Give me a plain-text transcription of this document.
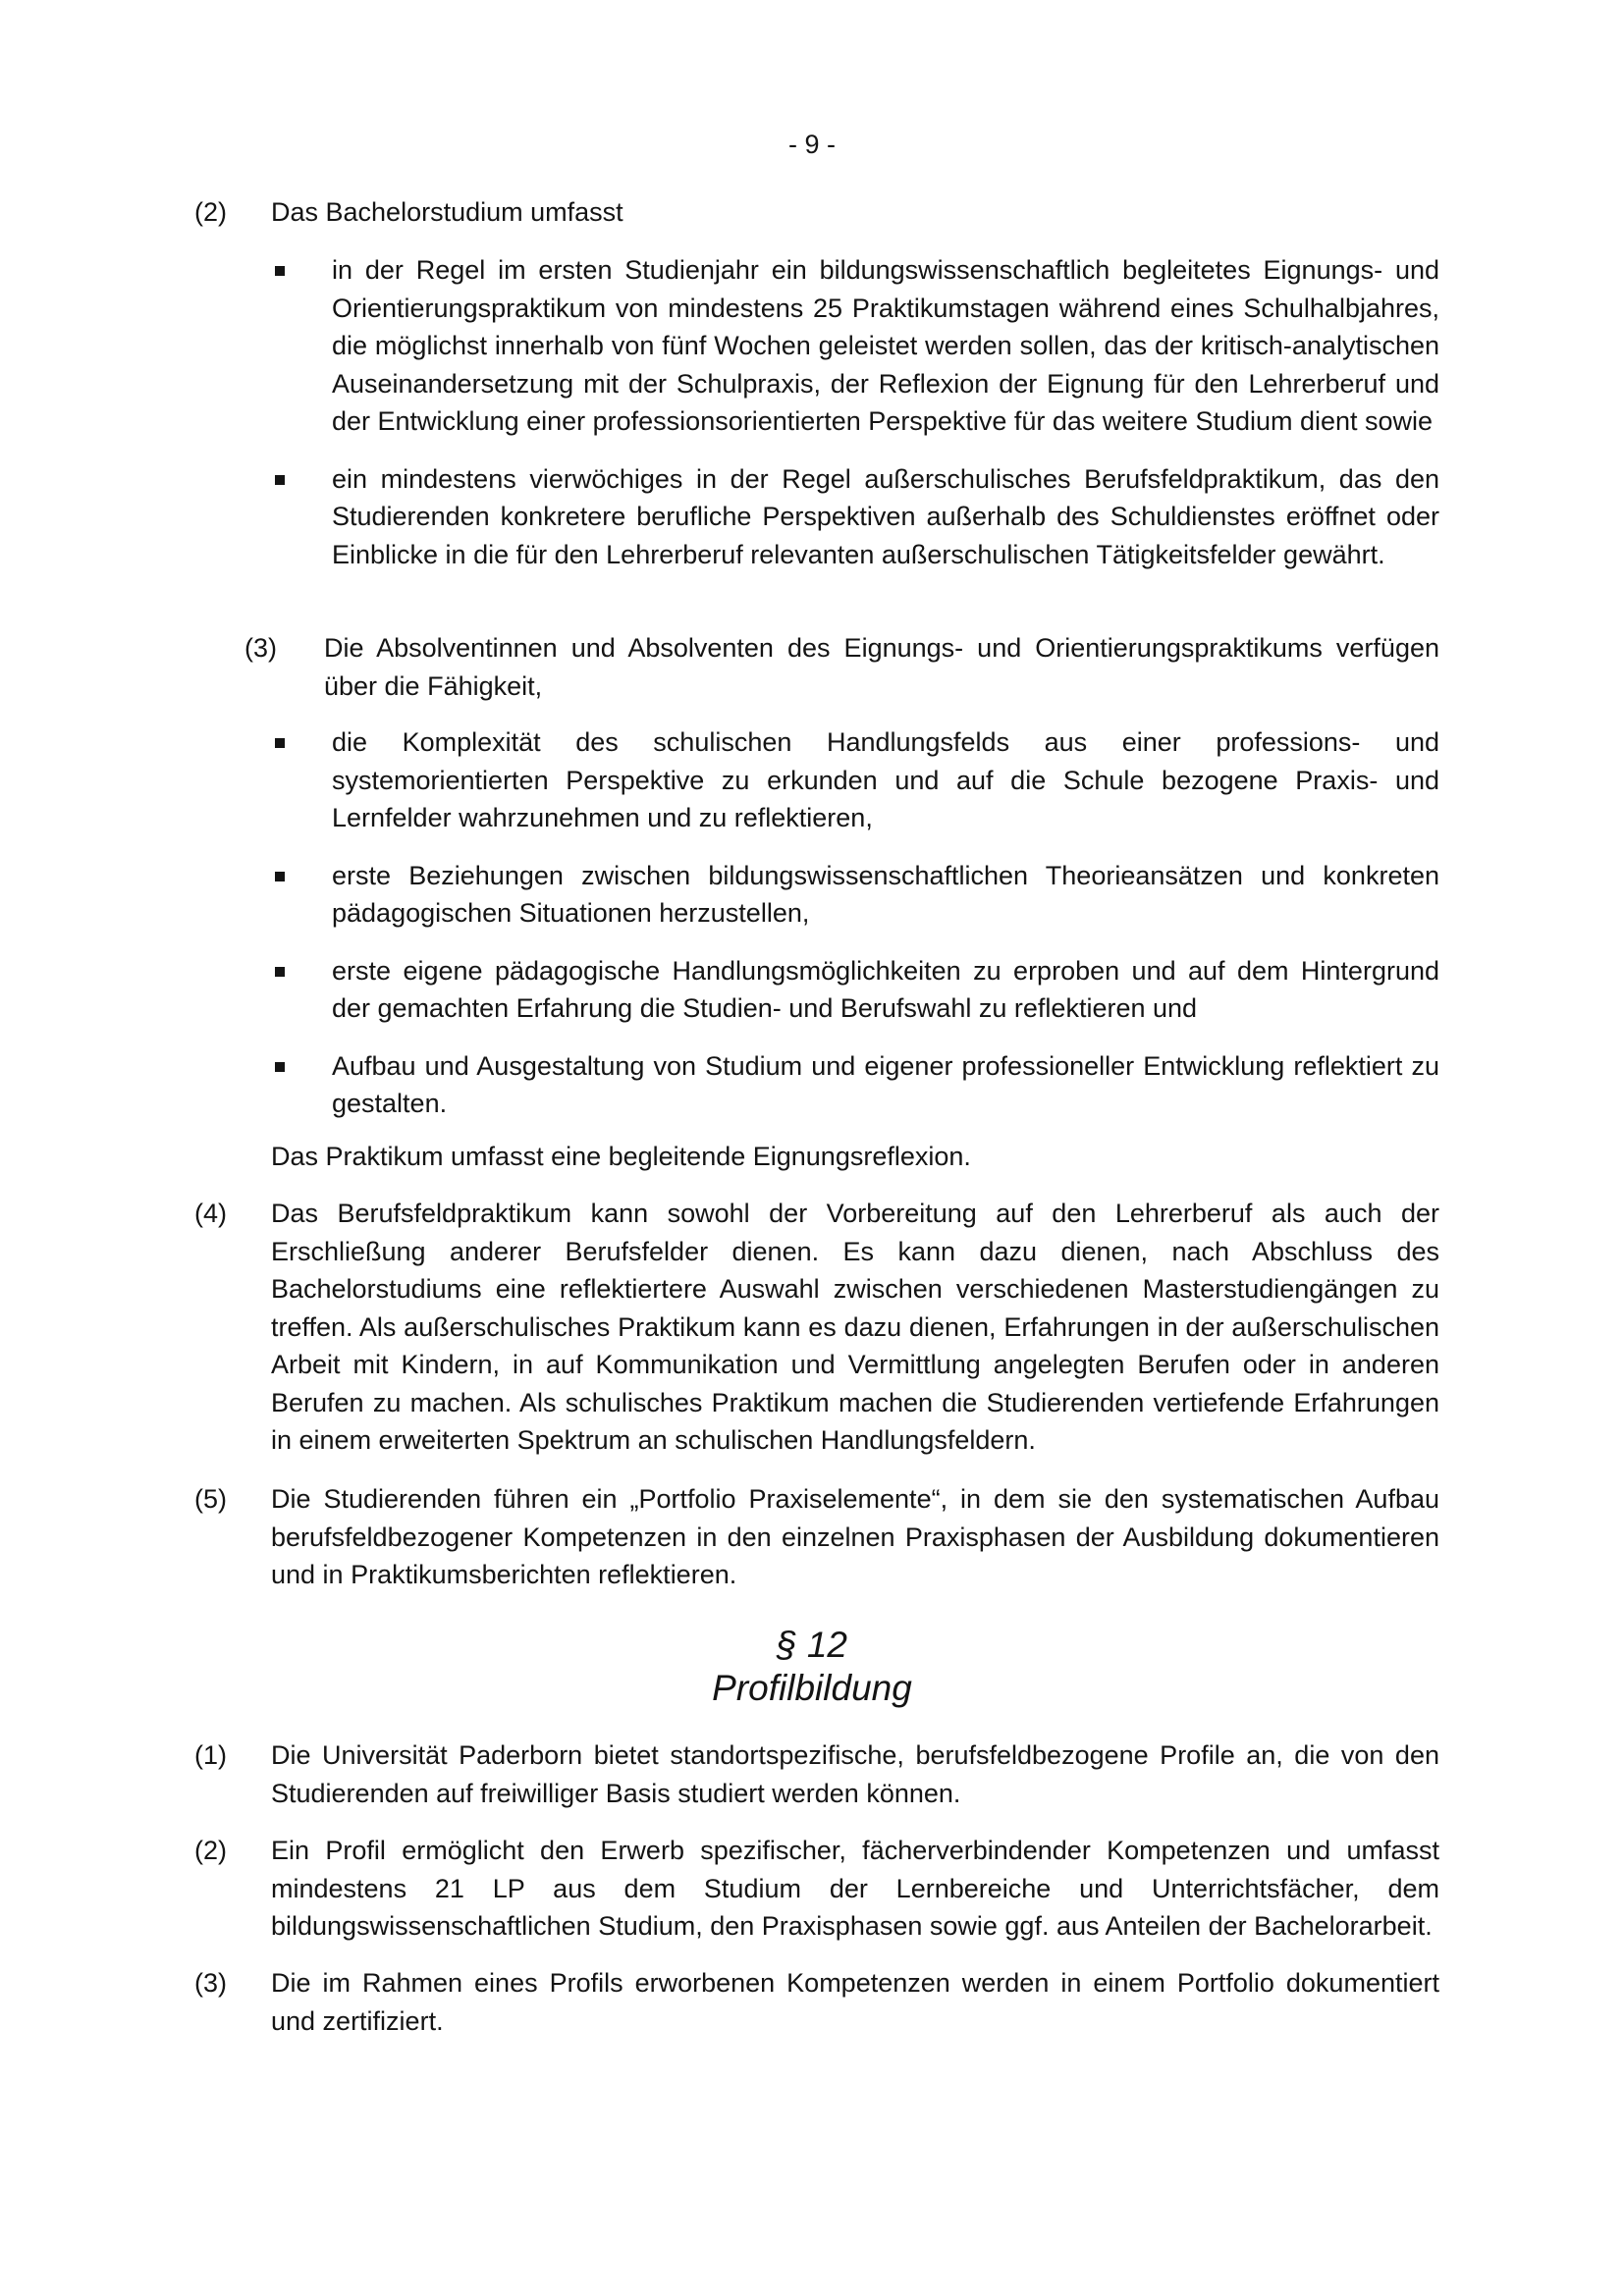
- 9 -
(2)	Das Bachelorstudium umfasst
in der Regel im ersten Studienjahr ein bildungswissenschaftlich begleitetes Eignungs- und Orientierungspraktikum von mindestens 25 Praktikumstagen während eines Schulhalbjahres, die möglichst innerhalb von fünf Wochen geleistet werden sollen, das der kritisch-analytischen Auseinandersetzung mit der Schulpraxis, der Reflexion der Eignung für den Lehrerberuf und der Entwicklung einer professionsorientierten Perspektive für das weitere Studium dient sowie
ein mindestens vierwöchiges in der Regel außerschulisches Berufsfeldpraktikum, das den Studierenden konkretere berufliche Perspektiven außerhalb des Schuldienstes eröffnet oder Einblicke in die für den Lehrerberuf relevanten außerschulischen Tätigkeitsfelder gewährt.
(3)	Die Absolventinnen und Absolventen des Eignungs- und Orientierungspraktikums verfügen über die Fähigkeit,
die Komplexität des schulischen Handlungsfelds aus einer professions- und systemorientierten Perspektive zu erkunden und auf die Schule bezogene Praxis- und Lernfelder wahrzunehmen und zu reflektieren,
erste Beziehungen zwischen bildungswissenschaftlichen Theorieansätzen und konkreten pädagogischen Situationen herzustellen,
erste eigene pädagogische Handlungsmöglichkeiten zu erproben und auf dem Hintergrund der gemachten Erfahrung die Studien- und Berufswahl zu reflektieren und
Aufbau und Ausgestaltung von Studium und eigener professioneller Entwicklung reflektiert zu gestalten.
Das Praktikum umfasst eine begleitende Eignungsreflexion.
(4)	Das Berufsfeldpraktikum kann sowohl der Vorbereitung auf den Lehrerberuf als auch der Erschließung anderer Berufsfelder dienen. Es kann dazu dienen, nach Abschluss des Bachelorstudiums eine reflektiertere Auswahl zwischen verschiedenen Masterstudiengängen zu treffen. Als außerschulisches Praktikum kann es dazu dienen, Erfahrungen in der außerschulischen Arbeit mit Kindern, in auf Kommunikation und Vermittlung angelegten Berufen oder in anderen Berufen zu machen. Als schulisches Praktikum machen die Studierenden vertiefende Erfahrungen in einem erweiterten Spektrum an schulischen Handlungsfeldern.
(5)	Die Studierenden führen ein „Portfolio Praxiselemente“, in dem sie den systematischen Aufbau berufsfeldbezogener Kompetenzen in den einzelnen Praxisphasen der Ausbildung dokumentieren und in Praktikumsberichten reflektieren.
§ 12
Profilbildung
(1)	Die Universität Paderborn bietet standortspezifische, berufsfeldbezogene Profile an, die von den Studierenden auf freiwilliger Basis studiert werden können.
(2)	Ein Profil ermöglicht den Erwerb spezifischer, fächerverbindender Kompetenzen und umfasst mindestens 21 LP aus dem Studium der Lernbereiche und Unterrichtsfächer, dem bildungswissenschaftlichen Studium, den Praxisphasen sowie ggf. aus Anteilen der Bachelorarbeit.
(3)	Die im Rahmen eines Profils erworbenen Kompetenzen werden in einem Portfolio dokumentiert und zertifiziert.
